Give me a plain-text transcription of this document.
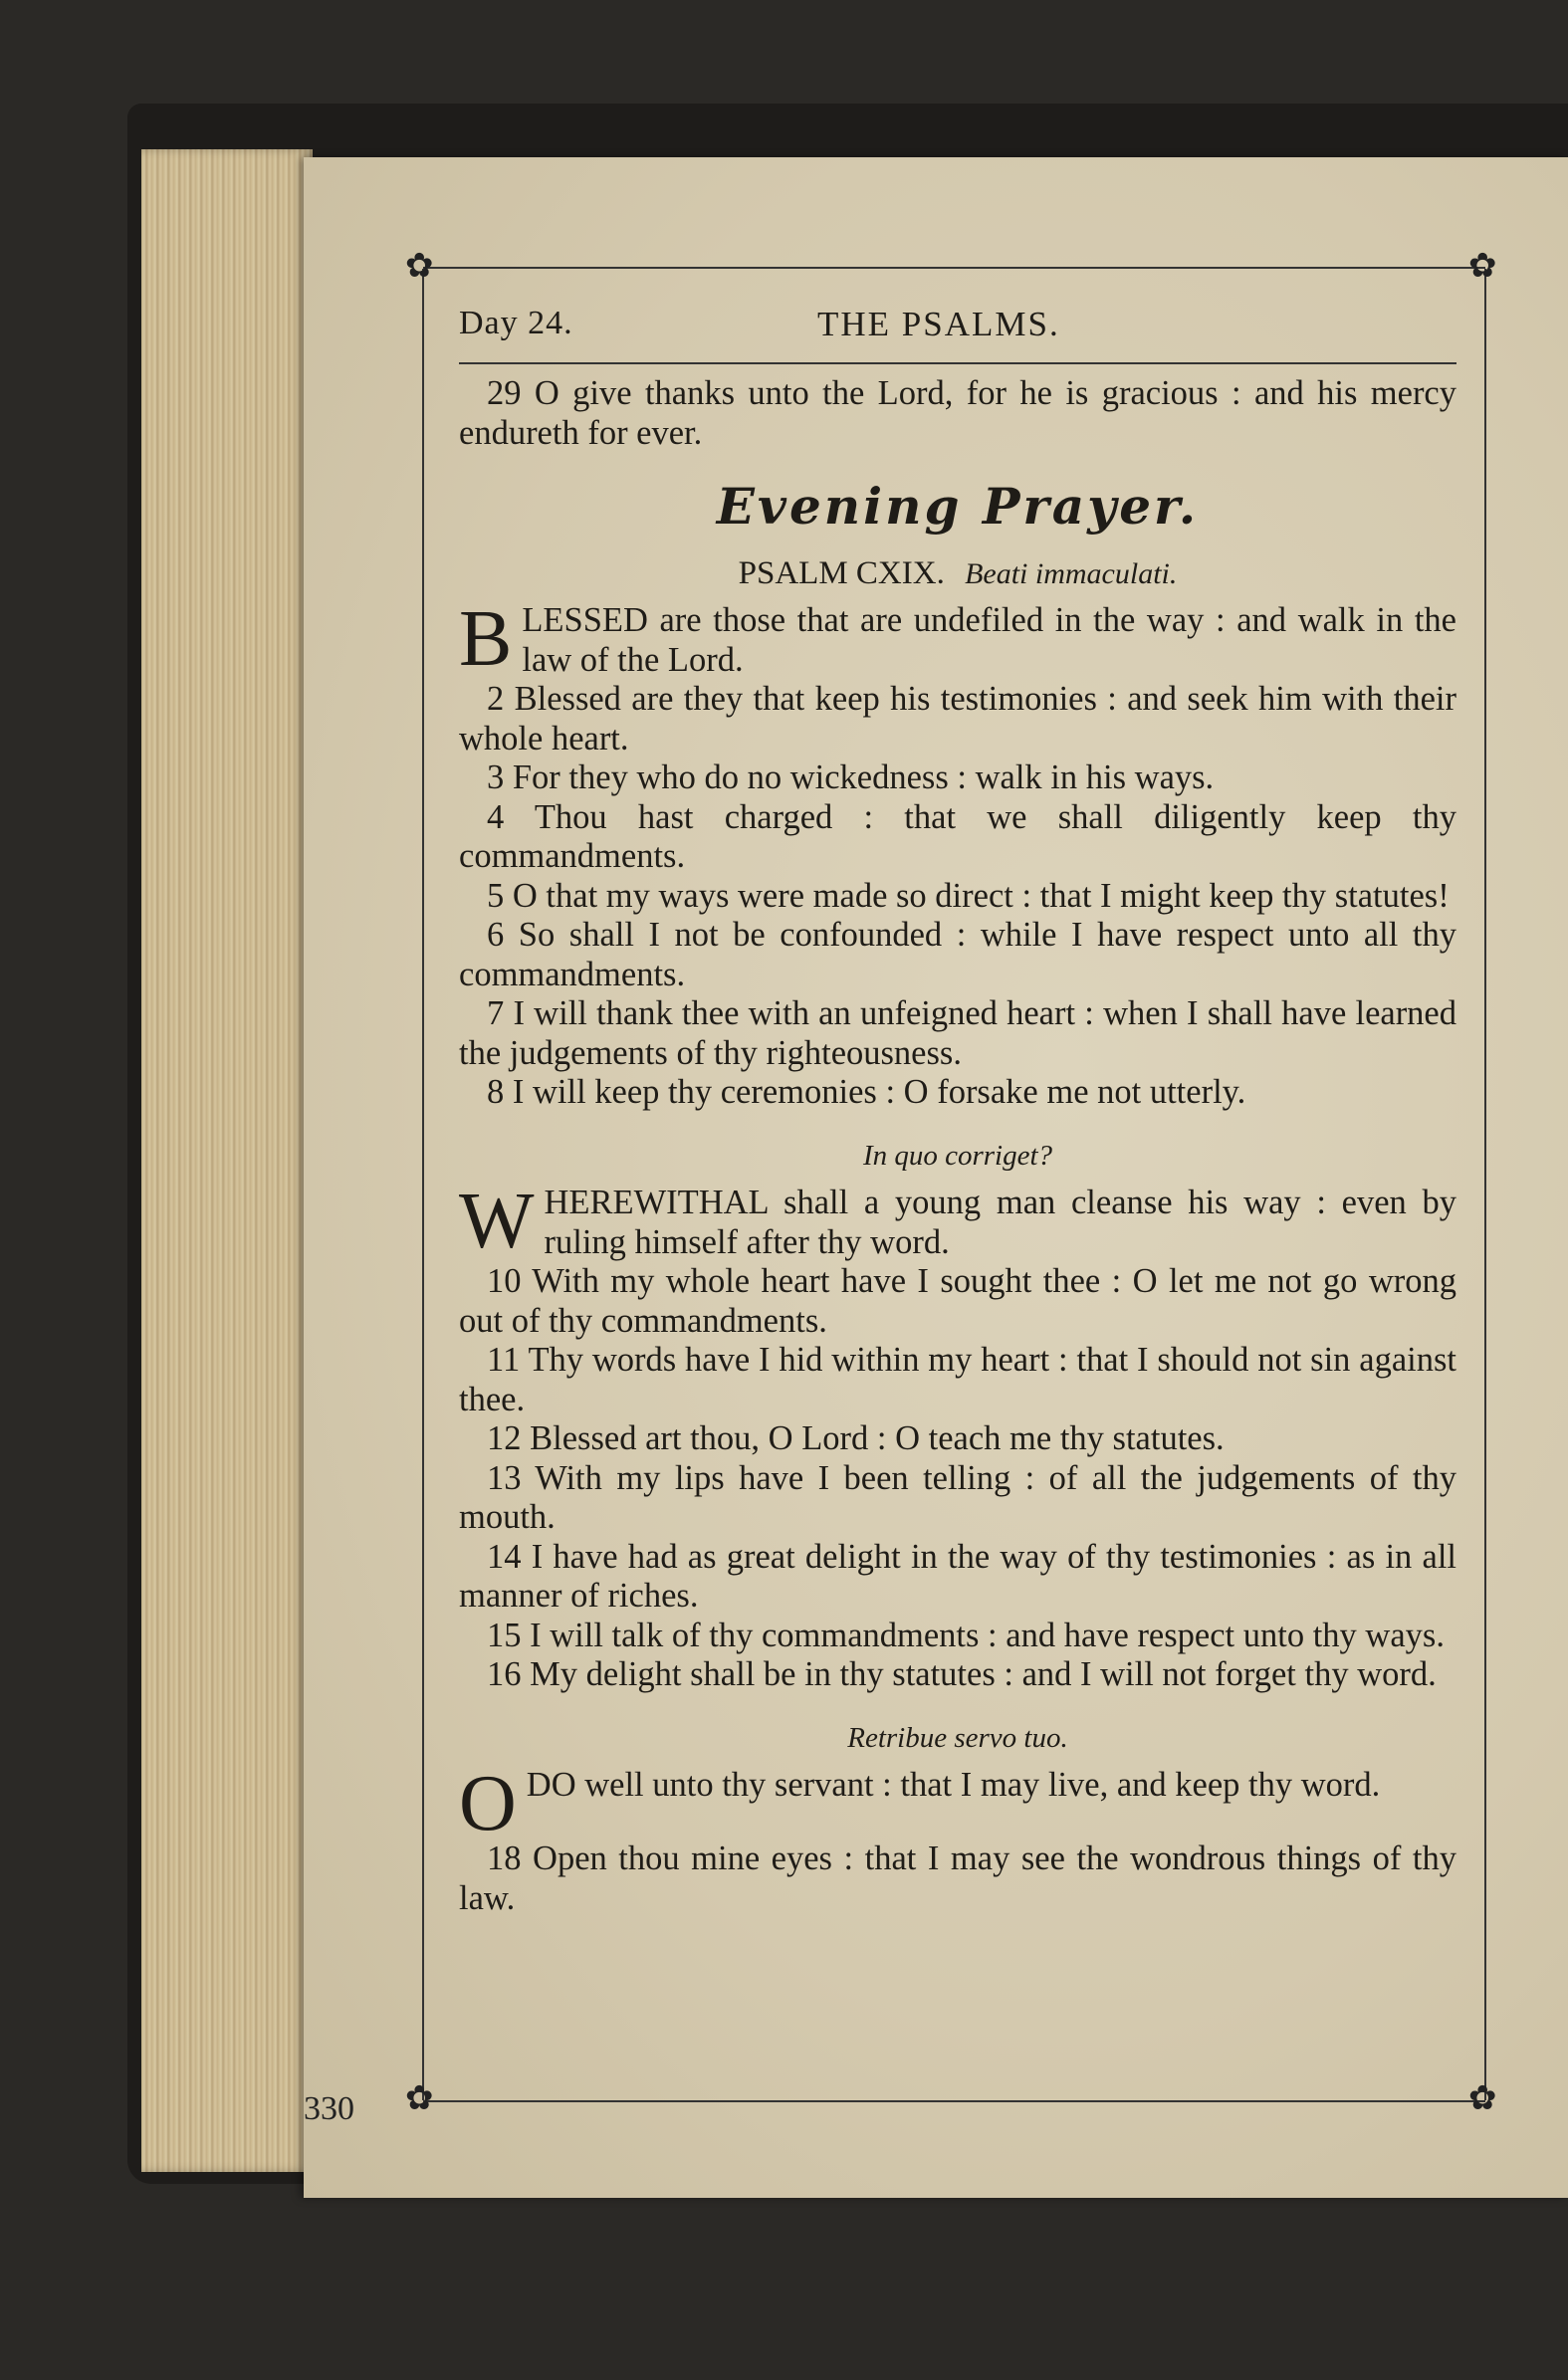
✿	✿
✿	✿
Day 24.	THE PSALMS.

29 O give thanks unto the Lord, for he is gracious : and his mercy endureth for ever.

Evening Prayer.
PSALM CXIX. Beati immaculati.
B LESSED are those that are undefiled in the way : and walk in the law of the Lord.

2 Blessed are they that keep his testimonies : and seek him with their whole heart.

3 For they who do no wickedness : walk in his ways.

4 Thou hast charged : that we shall diligently keep thy commandments.

5 O that my ways were made so direct : that I might keep thy statutes!

6 So shall I not be confounded : while I have respect unto all thy commandments.

7 I will thank thee with an unfeigned heart : when I shall have learned the judgements of thy righteousness.

8 I will keep thy ceremonies : O forsake me not utterly.

In quo corriget?
W HEREWITHAL shall a young man cleanse his way : even by ruling himself after thy word.

10 With my whole heart have I sought thee : O let me not go wrong out of thy commandments.

11 Thy words have I hid within my heart : that I should not sin against thee.

12 Blessed art thou, O Lord : O teach me thy statutes.

13 With my lips have I been telling : of all the judgements of thy mouth.

14 I have had as great delight in the way of thy testimonies : as in all manner of riches.

15 I will talk of thy commandments : and have respect unto thy ways.

16 My delight shall be in thy statutes : and I will not forget thy word.

Retribue servo tuo.
O DO well unto thy servant : that I may live, and keep thy word.

18 Open thou mine eyes : that I may see the wondrous things of thy law.

330
